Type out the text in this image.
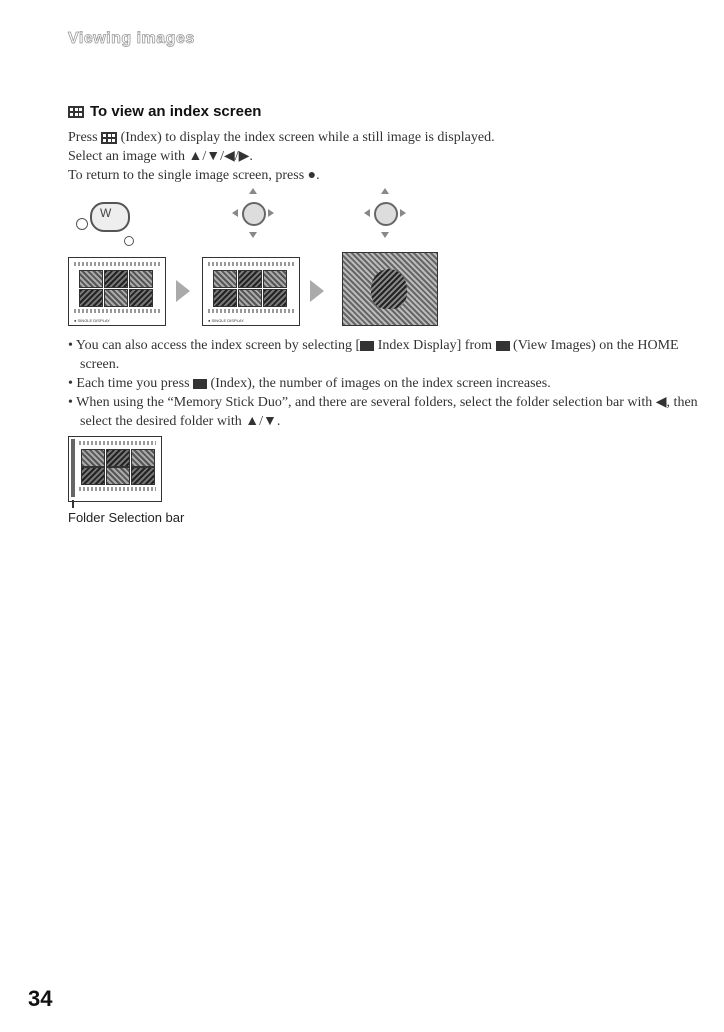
Viewing images
To view an index screen
Press
(Index) to display the index screen while a still image is displayed.
Select an image with ▲/▼/◀/▶.
To return to the single image screen, press ●.
W
● SINGLE DISPLAY	● SINGLE DISPLAY

• You can also access the index screen by selecting [ Index Display] from  (View Images) on the HOME screen.

• Each time you press  (Index), the number of images on the index screen increases.

• When using the “Memory Stick Duo”, and there are several folders, select the folder selection bar with ◀, then select the desired folder with ▲/▼.

Folder Selection bar
34
